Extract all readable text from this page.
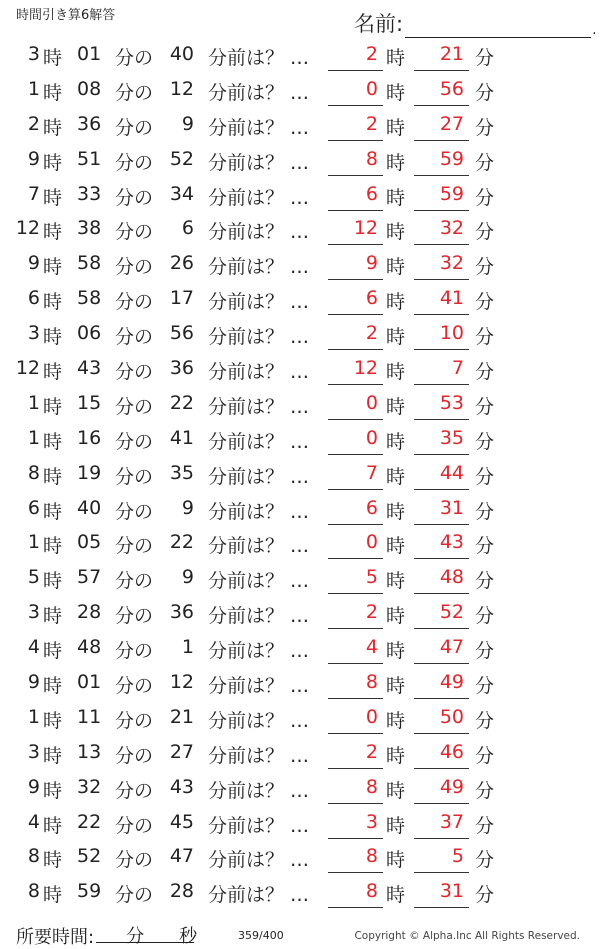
時間引き算6解答	名前:	.
3 時 01 分の 40 分前は？ …	2 時 21 分
1 時 08 分の 12 分前は？ …	0 時 56 分
2 時 36 分の 9 分前は？ …	2 時 27 分
9 時 51 分の 52 分前は？ …	8 時 59 分
7 時 33 分の 34 分前は？ …	6 時 59 分
12 時 38 分の 6 分前は？ … 12 時 32 分
9 時 58 分の 26 分前は？ …	9 時 32 分
6 時 58 分の 17 分前は？ …	6 時 41 分
3 時 06 分の 56 分前は？ …	2 時 10 分
12 時 43 分の 36 分前は？ … 12 時 7 分
1 時 15 分の 22 分前は？ …	0 時 53 分
1 時 16 分の 41 分前は？ …	0 時 35 分
8 時 19 分の 35 分前は？ …	7 時 44 分
6 時 40 分の 9 分前は？ …	6 時 31 分
1 時 05 分の 22 分前は？ …	0 時 43 分
5 時 57 分の 9 分前は？ …	5 時 48 分
3 時 28 分の 36 分前は？ …	2 時 52 分
4 時 48 分の 1 分前は？ …	4 時 47 分
9 時 01 分の 12 分前は？ …	8 時 49 分
1 時 11 分の 21 分前は？ …	0 時 50 分
3 時 13 分の 27 分前は？ …	2 時 46 分
9 時 32 分の 43 分前は？ …	8 時 49 分
4 時 22 分の 45 分前は？ …	3 時 37 分
8 時 52 分の 47 分前は？ …	8 時 5 分
8 時 59 分の 28 分前は？ …	8 時 31 分
所要時間: 分 秒	359/400	Copyright © Alpha.Inc All Rights Reserved.
